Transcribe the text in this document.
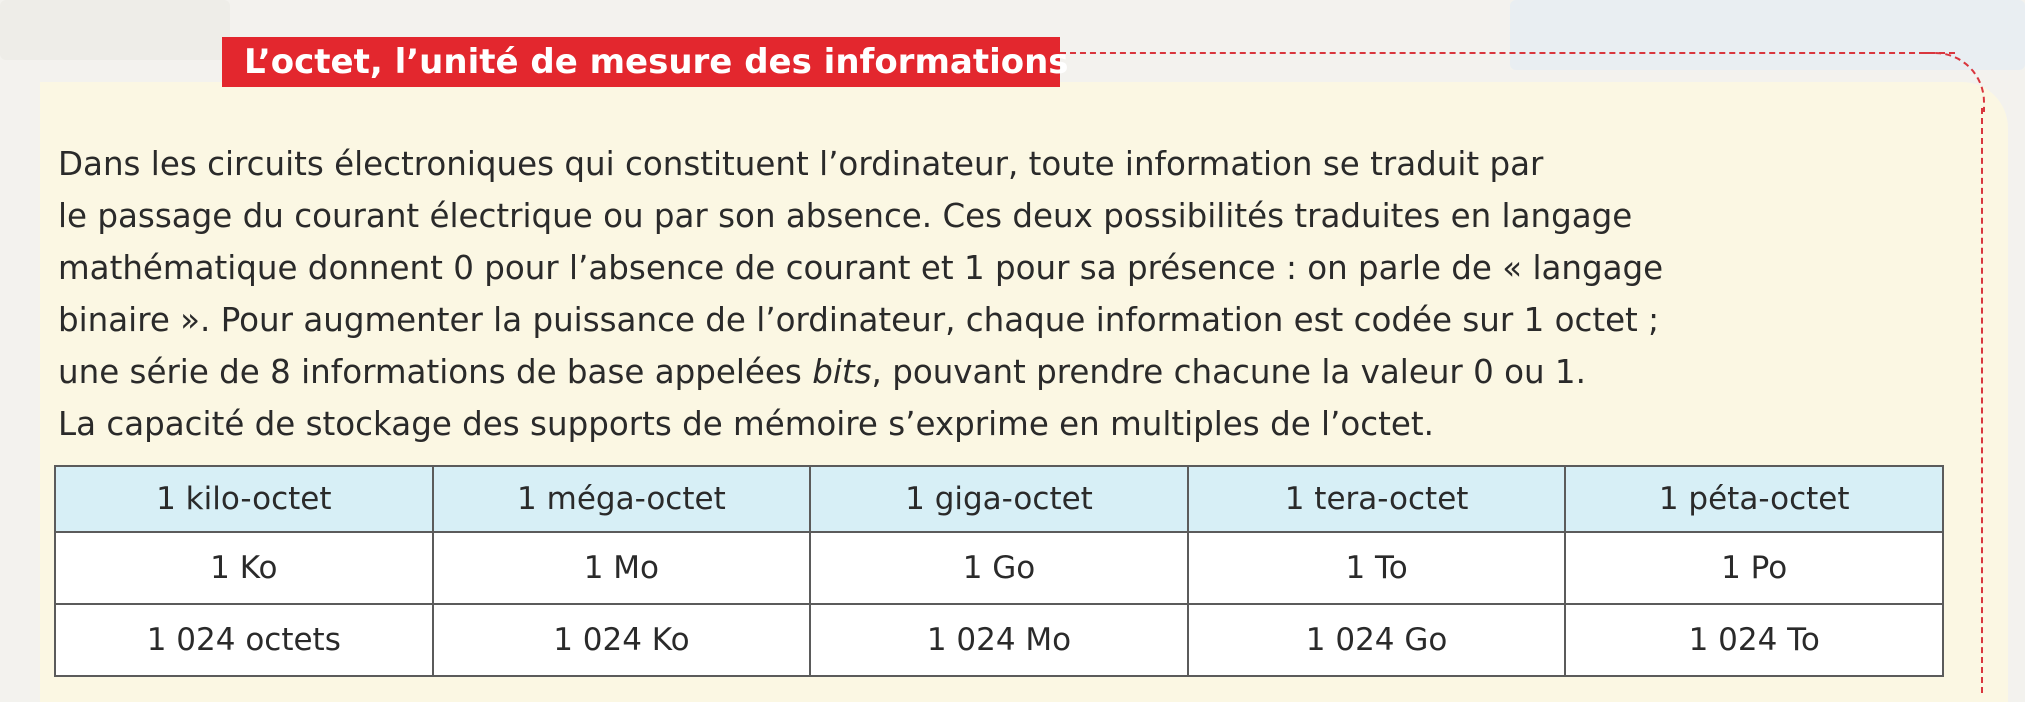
L’octet, l’unité de mesure des informations

Dans les circuits électroniques qui constituent l’ordinateur, toute information se traduit par
le passage du courant électrique ou par son absence. Ces deux possibilités traduites en langage
mathématique donnent 0 pour l’absence de courant et 1 pour sa présence : on parle de « langage
binaire ». Pour augmenter la puissance de l’ordinateur, chaque information est codée sur 1 octet ;
une série de 8 informations de base appelées bits, pouvant prendre chacune la valeur 0 ou 1.
La capacité de stockage des supports de mémoire s’exprime en multiples de l’octet.

1 kilo-octet	1 méga-octet	1 giga-octet	1 tera-octet	1 péta-octet
1 Ko	1 Mo	1 Go	1 To	1 Po
1 024 octets	1 024 Ko	1 024 Mo	1 024 Go	1 024 To
